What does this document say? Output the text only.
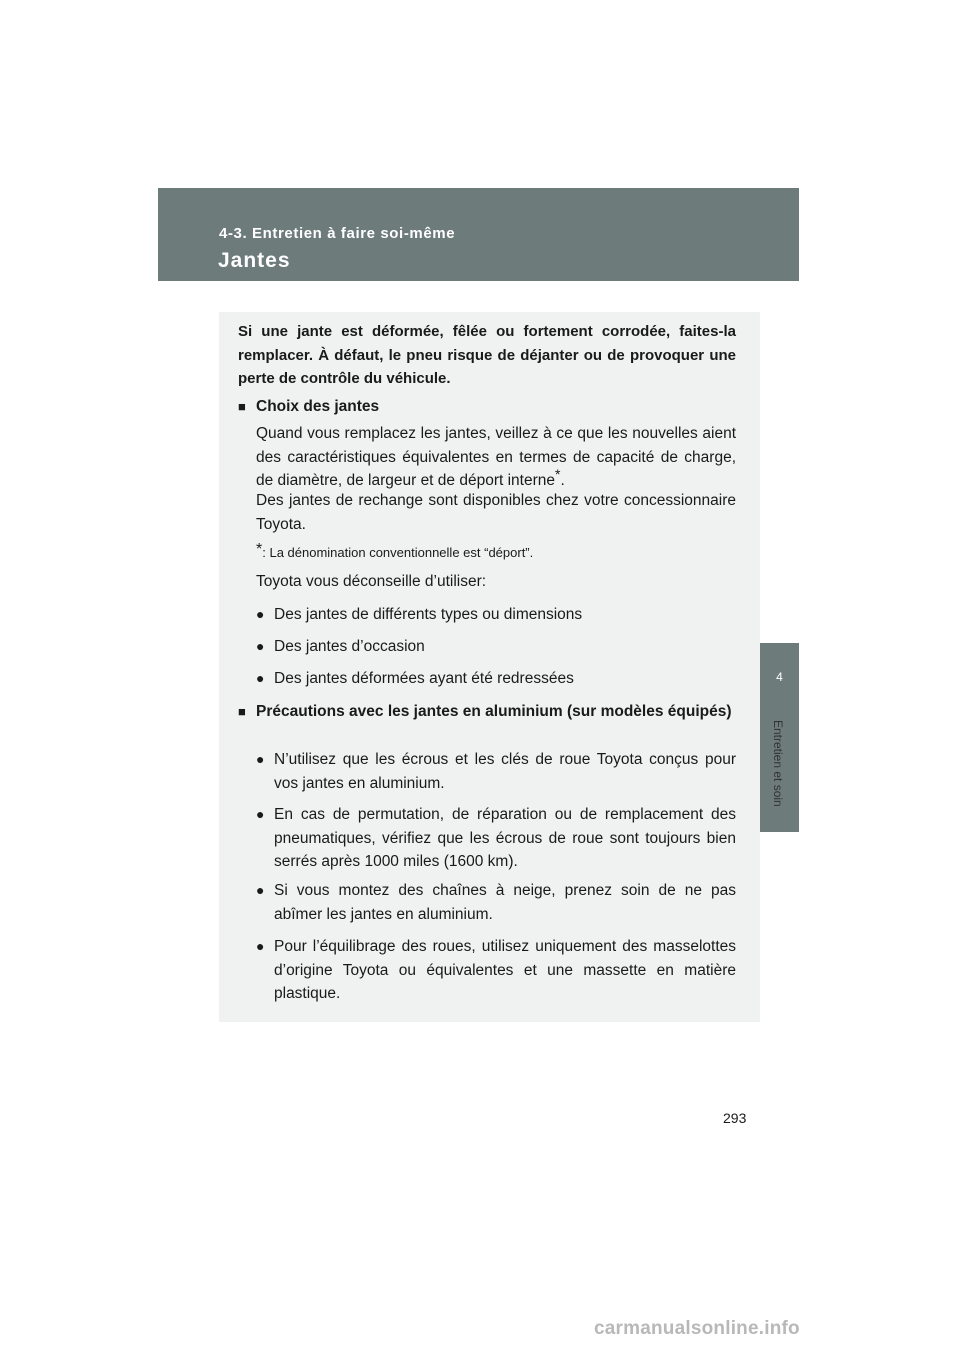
4-3. Entretien à faire soi-même
Jantes
4
Entretien et soin
Si une jante est déformée, fêlée ou fortement corrodée, faites-la remplacer. À défaut, le pneu risque de déjanter ou de provoquer une perte de contrôle du véhicule.
■ Choix des jantes
Quand vous remplacez les jantes, veillez à ce que les nouvelles aient des caractéristiques équivalentes en termes de capacité de charge, de diamètre, de largeur et de déport interne*.
Des jantes de rechange sont disponibles chez votre concessionnaire Toyota.
*: La dénomination conventionnelle est “déport”.
Toyota vous déconseille d’utiliser:
● Des jantes de différents types ou dimensions
● Des jantes d’occasion
● Des jantes déformées ayant été redressées
■ Précautions avec les jantes en aluminium (sur modèles équipés)
● N’utilisez que les écrous et les clés de roue Toyota conçus pour vos jantes en aluminium.
● En cas de permutation, de réparation ou de remplacement des pneumatiques, vérifiez que les écrous de roue sont toujours bien serrés après 1000 miles (1600 km).
● Si vous montez des chaînes à neige, prenez soin de ne pas abîmer les jantes en aluminium.
● Pour l’équilibrage des roues, utilisez uniquement des masselottes d’origine Toyota ou équivalentes et une massette en matière plastique.
293
carmanualsonline.info
